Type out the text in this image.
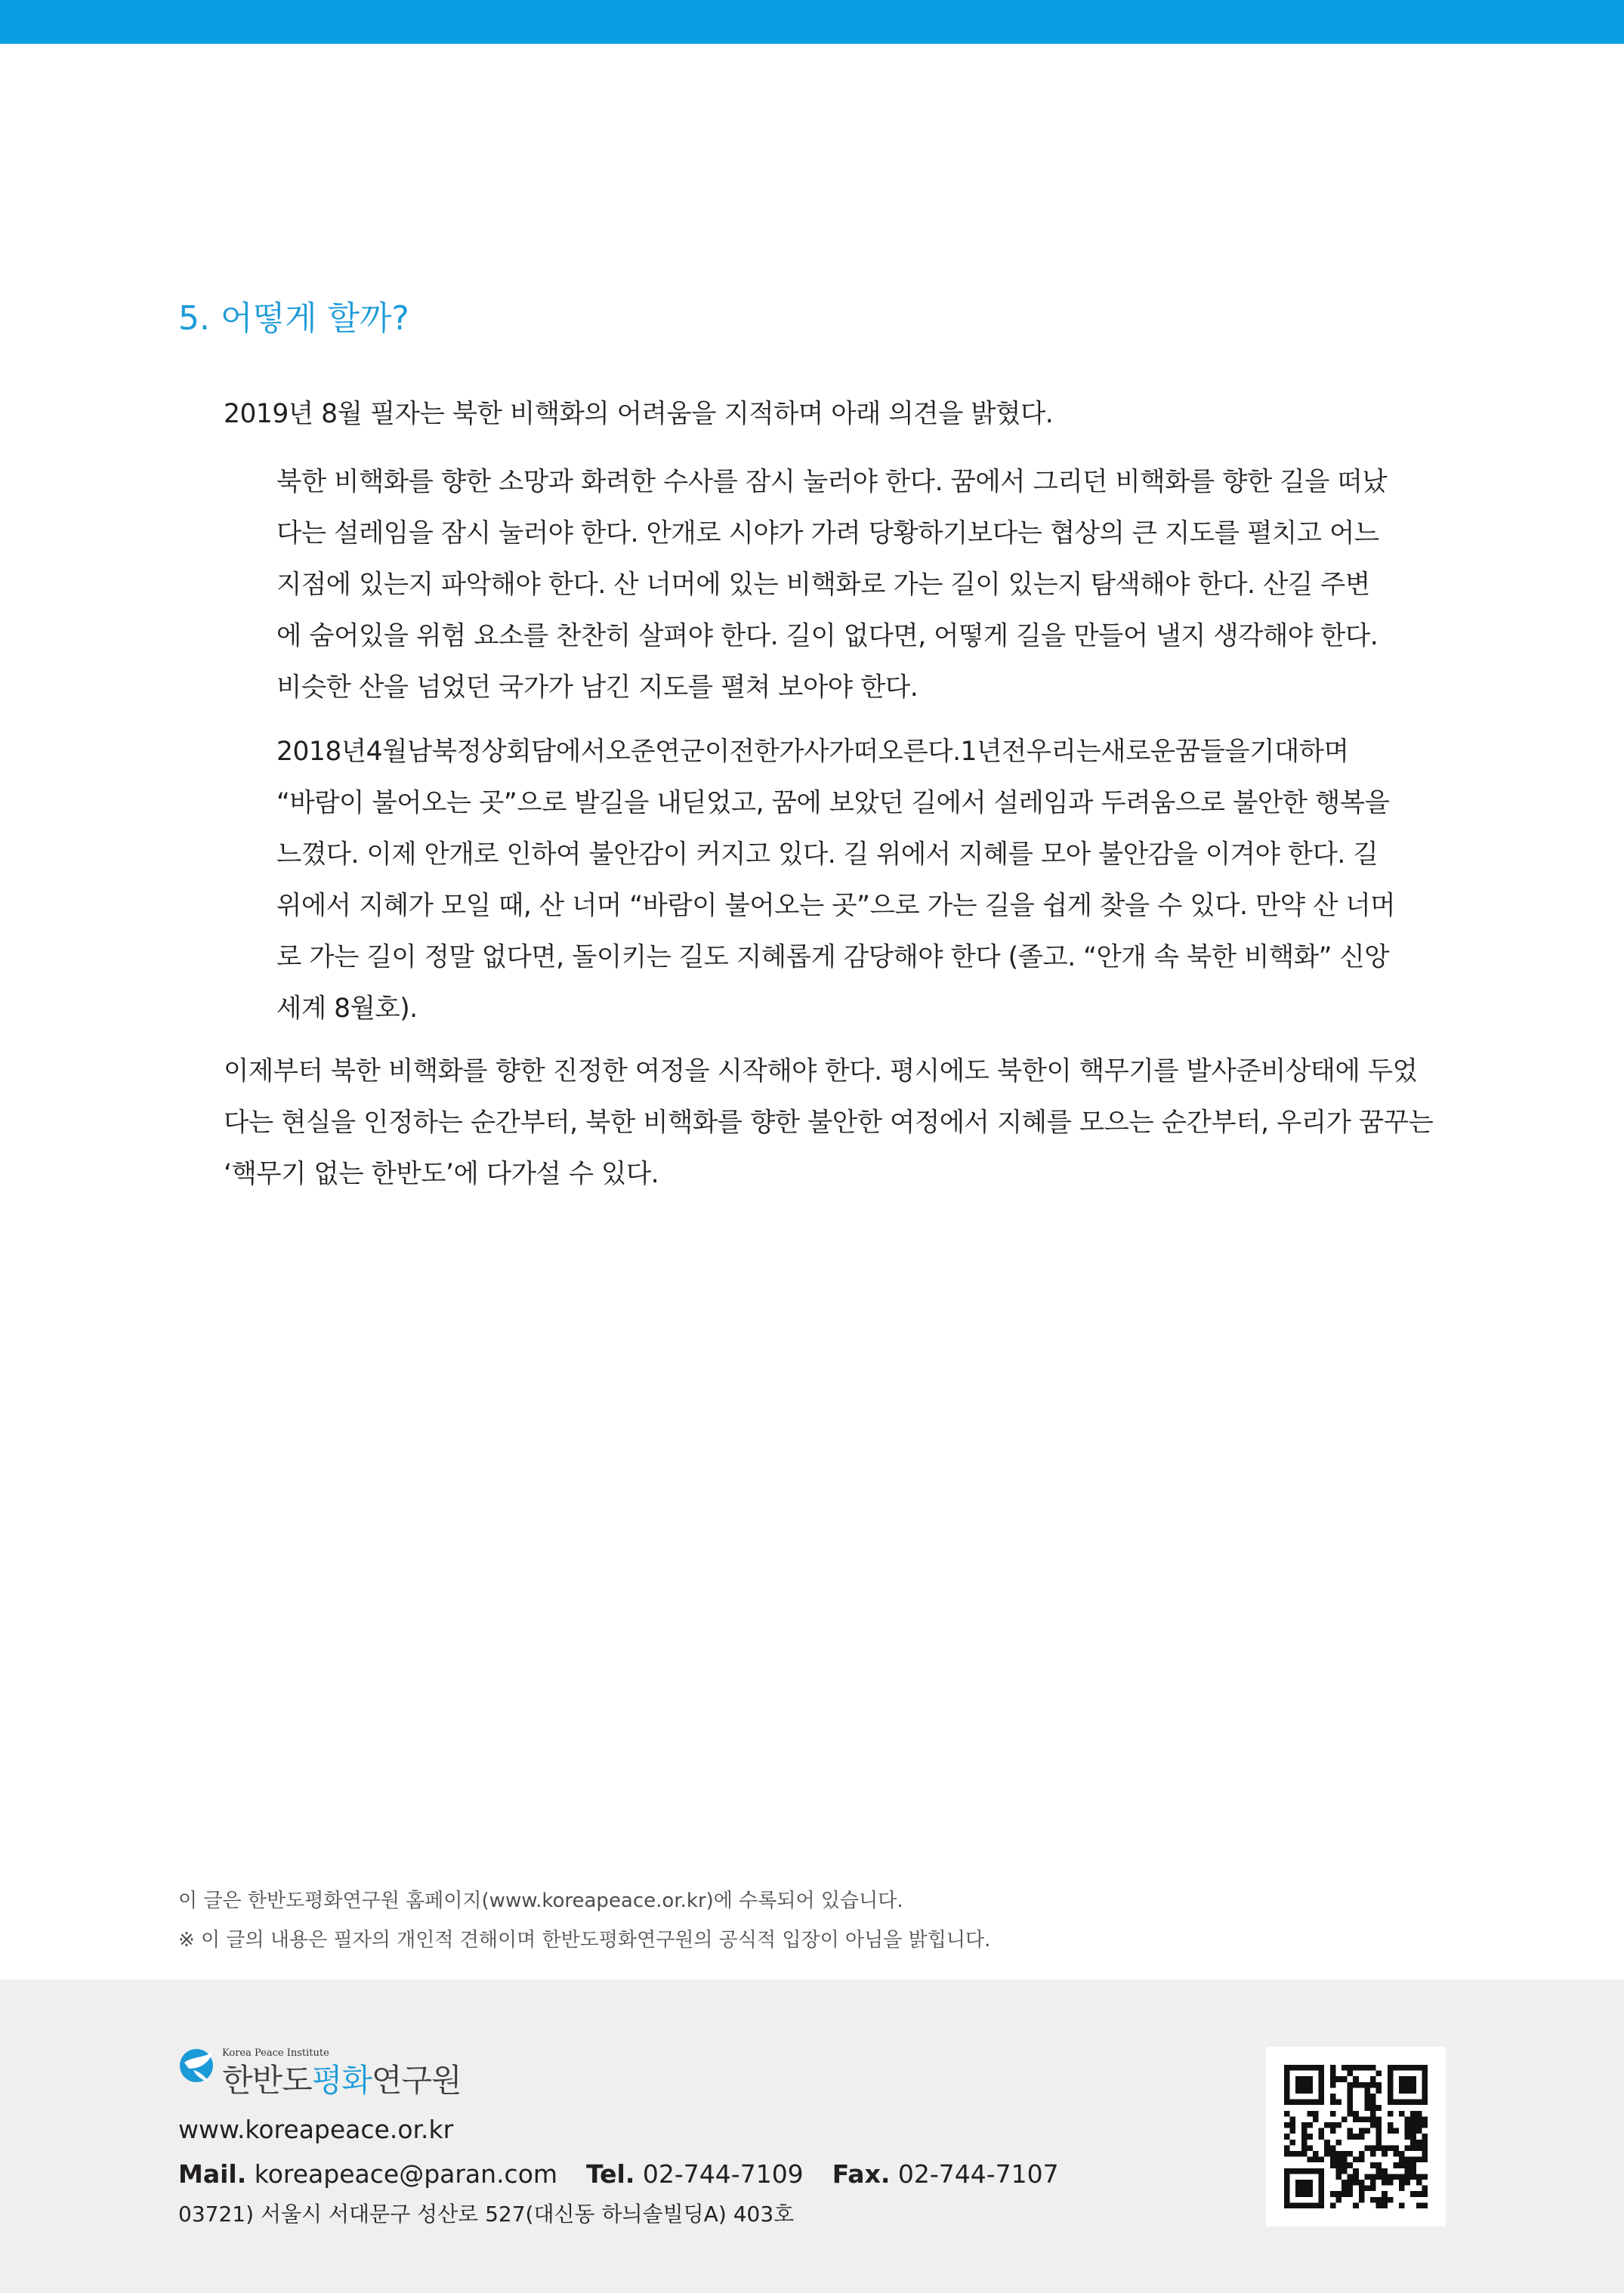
5. 어떻게 할까?

2019년 8월 필자는 북한 비핵화의 어려움을 지적하며 아래 의견을 밝혔다.

북한 비핵화를 향한 소망과 화려한 수사를 잠시 눌러야 한다. 꿈에서 그리던 비핵화를 향한 길을 떠났
다는 설레임을 잠시 눌러야 한다. 안개로 시야가 가려 당황하기보다는 협상의 큰 지도를 펼치고 어느
지점에 있는지 파악해야 한다. 산 너머에 있는 비핵화로 가는 길이 있는지 탐색해야 한다. 산길 주변
에 숨어있을 위험 요소를 찬찬히 살펴야 한다. 길이 없다면, 어떻게 길을 만들어 낼지 생각해야 한다.
비슷한 산을 넘었던 국가가 남긴 지도를 펼쳐 보아야 한다.

2018년4월남북정상회담에서오준연군이전한가사가떠오른다.1년전우리는새로운꿈들을기대하며
“바람이 불어오는 곳”으로 발길을 내딛었고, 꿈에 보았던 길에서 설레임과 두려움으로 불안한 행복을
느꼈다. 이제 안개로 인하여 불안감이 커지고 있다. 길 위에서 지혜를 모아 불안감을 이겨야 한다. 길
위에서 지혜가 모일 때, 산 너머 “바람이 불어오는 곳”으로 가는 길을 쉽게 찾을 수 있다. 만약 산 너머
로 가는 길이 정말 없다면, 돌이키는 길도 지혜롭게 감당해야 한다 (졸고. “안개 속 북한 비핵화” 신앙
세계 8월호).

이제부터 북한 비핵화를 향한 진정한 여정을 시작해야 한다. 평시에도 북한이 핵무기를 발사준비상태에 두었
다는 현실을 인정하는 순간부터, 북한 비핵화를 향한 불안한 여정에서 지혜를 모으는 순간부터, 우리가 꿈꾸는
‘핵무기 없는 한반도’에 다가설 수 있다.

이 글은 한반도평화연구원 홈페이지(www.koreapeace.or.kr)에 수록되어 있습니다.
※ 이 글의 내용은 필자의 개인적 견해이며 한반도평화연구원의 공식적 입장이 아님을 밝힙니다.
Korea Peace Institute
한반도평화연구원
www.koreapeace.or.kr
Mail. koreapeace@paran.com Tel. 02-744-7109 Fax. 02-744-7107
03721) 서울시 서대문구 성산로 527(대신동 하늬솔빌딩A) 403호
